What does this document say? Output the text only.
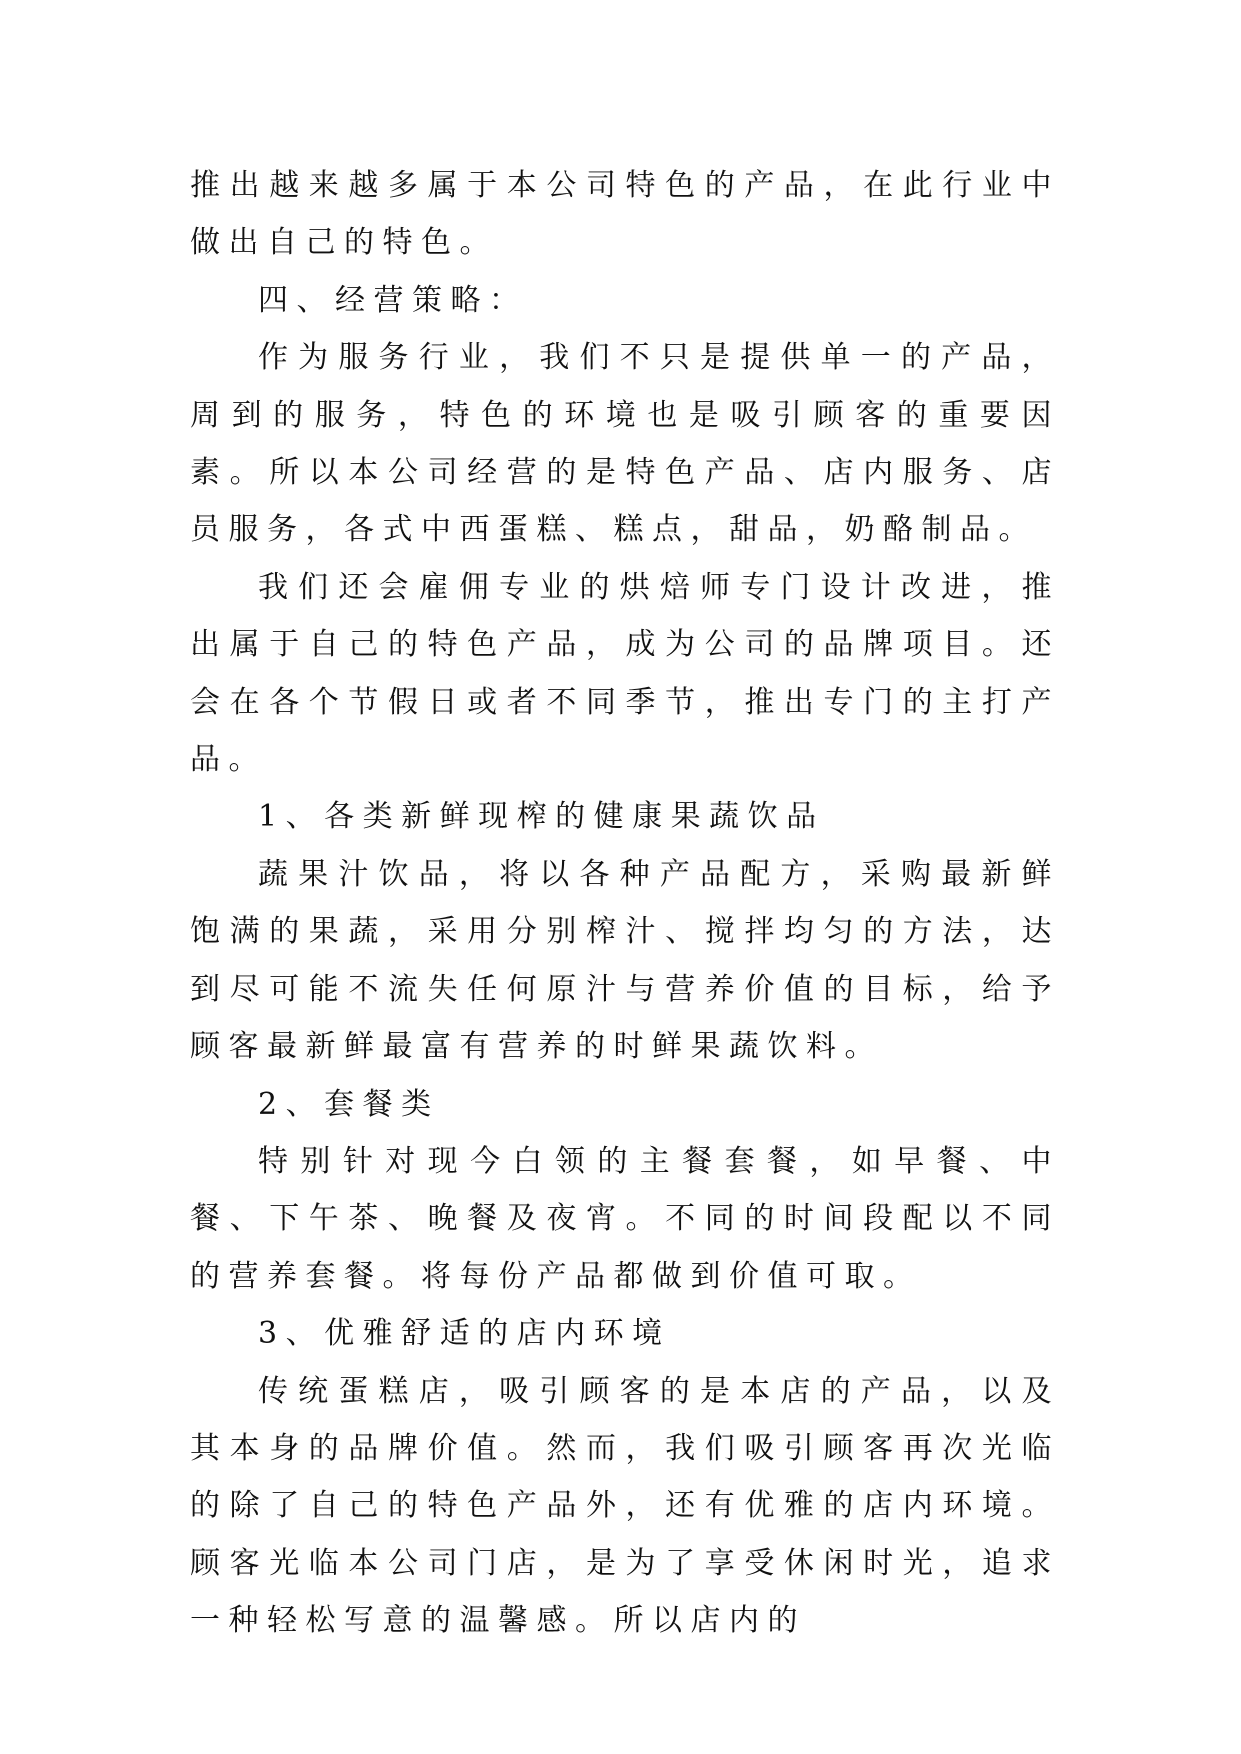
推出越来越多属于本公司特色的产品，在此行业中做出自己的特色。

四、经营策略：

作为服务行业，我们不只是提供单一的产品，周到的服务，特色的环境也是吸引顾客的重要因素。所以本公司经营的是特色产品、店内服务、店员服务，各式中西蛋糕、糕点，甜品，奶酪制品。

我们还会雇佣专业的烘焙师专门设计改进，推出属于自己的特色产品，成为公司的品牌项目。还会在各个节假日或者不同季节，推出专门的主打产品。

1、各类新鲜现榨的健康果蔬饮品

蔬果汁饮品，将以各种产品配方，采购最新鲜饱满的果蔬，采用分别榨汁、搅拌均匀的方法，达到尽可能不流失任何原汁与营养价值的目标，给予顾客最新鲜最富有营养的时鲜果蔬饮料。

2、套餐类

特别针对现今白领的主餐套餐，如早餐、中餐、下午茶、晚餐及夜宵。不同的时间段配以不同的营养套餐。将每份产品都做到价值可取。

3、优雅舒适的店内环境

传统蛋糕店，吸引顾客的是本店的产品，以及其本身的品牌价值。然而，我们吸引顾客再次光临的除了自己的特色产品外，还有优雅的店内环境。顾客光临本公司门店，是为了享受休闲时光，追求一种轻松写意的温馨感。所以店内的
